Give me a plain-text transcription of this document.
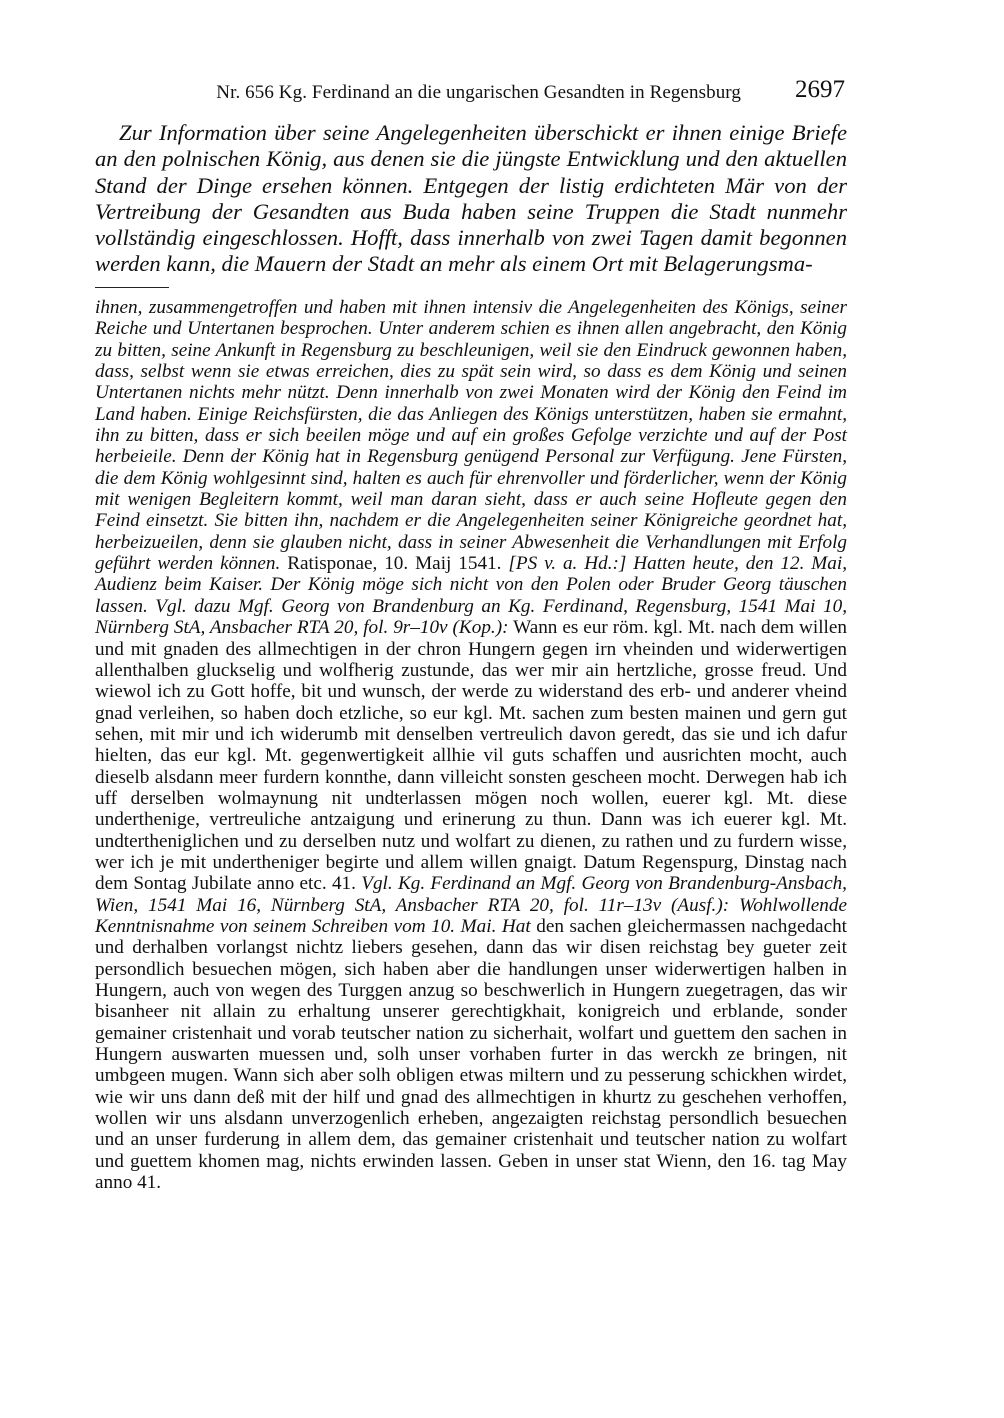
Nr. 656 Kg. Ferdinand an die ungarischen Gesandten in Regensburg 2697

Zur Information über seine Angelegenheiten überschickt er ihnen einige Briefe an den polnischen König, aus denen sie die jüngste Entwicklung und den aktuellen Stand der Dinge ersehen können. Entgegen der listig erdichteten Mär von der Vertreibung der Gesandten aus Buda haben seine Truppen die Stadt nunmehr vollständig eingeschlossen. Hofft, dass innerhalb von zwei Tagen damit begonnen werden kann, die Mauern der Stadt an mehr als einem Ort mit Belagerungsma-

ihnen, zusammengetroffen und haben mit ihnen intensiv die Angelegenheiten des Königs, seiner Reiche und Untertanen besprochen. Unter anderem schien es ihnen allen angebracht, den König zu bitten, seine Ankunft in Regensburg zu beschleunigen, weil sie den Eindruck gewonnen haben, dass, selbst wenn sie etwas erreichen, dies zu spät sein wird, so dass es dem König und seinen Untertanen nichts mehr nützt. Denn innerhalb von zwei Monaten wird der König den Feind im Land haben. Einige Reichsfürsten, die das Anliegen des Königs unterstützen, haben sie ermahnt, ihn zu bitten, dass er sich beeilen möge und auf ein großes Gefolge verzichte und auf der Post herbeieile. Denn der König hat in Regensburg genügend Personal zur Verfügung. Jene Fürsten, die dem König wohlgesinnt sind, halten es auch für ehrenvoller und förderlicher, wenn der König mit wenigen Begleitern kommt, weil man daran sieht, dass er auch seine Hofleute gegen den Feind einsetzt. Sie bitten ihn, nachdem er die Angelegenheiten seiner Königreiche geordnet hat, herbeizueilen, denn sie glauben nicht, dass in seiner Abwesenheit die Verhandlungen mit Erfolg geführt werden können. Ratisponae, 10. Maij 1541. [PS v. a. Hd.:] Hatten heute, den 12. Mai, Audienz beim Kaiser. Der König möge sich nicht von den Polen oder Bruder Georg täuschen lassen. Vgl. dazu Mgf. Georg von Brandenburg an Kg. Ferdinand, Regensburg, 1541 Mai 10, Nürnberg StA, Ansbacher RTA 20, fol. 9r–10v (Kop.): Wann es eur röm. kgl. Mt. nach dem willen und mit gnaden des allmechtigen in der chron Hungern gegen irn vheinden und widerwertigen allenthalben gluckselig und wolfherig zustunde, das wer mir ain hertzliche, grosse freud. Und wiewol ich zu Gott hoffe, bit und wunsch, der werde zu widerstand des erb- und anderer vheind gnad verleihen, so haben doch etzliche, so eur kgl. Mt. sachen zum besten mainen und gern gut sehen, mit mir und ich widerumb mit denselben vertreulich davon geredt, das sie und ich dafur hielten, das eur kgl. Mt. gegenwertigkeit allhie vil guts schaffen und ausrichten mocht, auch dieselb alsdann meer furdern konnthe, dann villeicht sonsten gescheen mocht. Derwegen hab ich uff derselben wolmaynung nit undterlassen mögen noch wollen, euerer kgl. Mt. diese underthenige, vertreuliche antzaigung und erinerung zu thun. Dann was ich euerer kgl. Mt. undtertheniglichen und zu derselben nutz und wolfart zu dienen, zu rathen und zu furdern wisse, wer ich je mit undertheniger begirte und allem willen gnaigt. Datum Regenspurg, Dinstag nach dem Sontag Jubilate anno etc. 41. Vgl. Kg. Ferdinand an Mgf. Georg von Brandenburg-Ansbach, Wien, 1541 Mai 16, Nürnberg StA, Ansbacher RTA 20, fol. 11r–13v (Ausf.): Wohlwollende Kenntnisnahme von seinem Schreiben vom 10. Mai. Hat den sachen gleichermassen nachgedacht und derhalben vorlangst nichtz liebers gesehen, dann das wir disen reichstag bey gueter zeit persondlich besuechen mögen, sich haben aber die handlungen unser widerwertigen halben in Hungern, auch von wegen des Turggen anzug so beschwerlich in Hungern zuegetragen, das wir bisanheer nit allain zu erhaltung unserer gerechtigkhait, konigreich und erblande, sonder gemainer cristenhait und vorab teutscher nation zu sicherhait, wolfart und guettem den sachen in Hungern auswarten muessen und, solh unser vorhaben furter in das werckh ze bringen, nit umbgeen mugen. Wann sich aber solh obligen etwas miltern und zu pesserung schickhen wirdet, wie wir uns dann deß mit der hilf und gnad des allmechtigen in khurtz zu geschehen verhoffen, wollen wir uns alsdann unverzogenlich erheben, angezaigten reichstag persondlich besuechen und an unser furderung in allem dem, das gemainer cristenhait und teutscher nation zu wolfart und guettem khomen mag, nichts erwinden lassen. Geben in unser stat Wienn, den 16. tag May anno 41.
